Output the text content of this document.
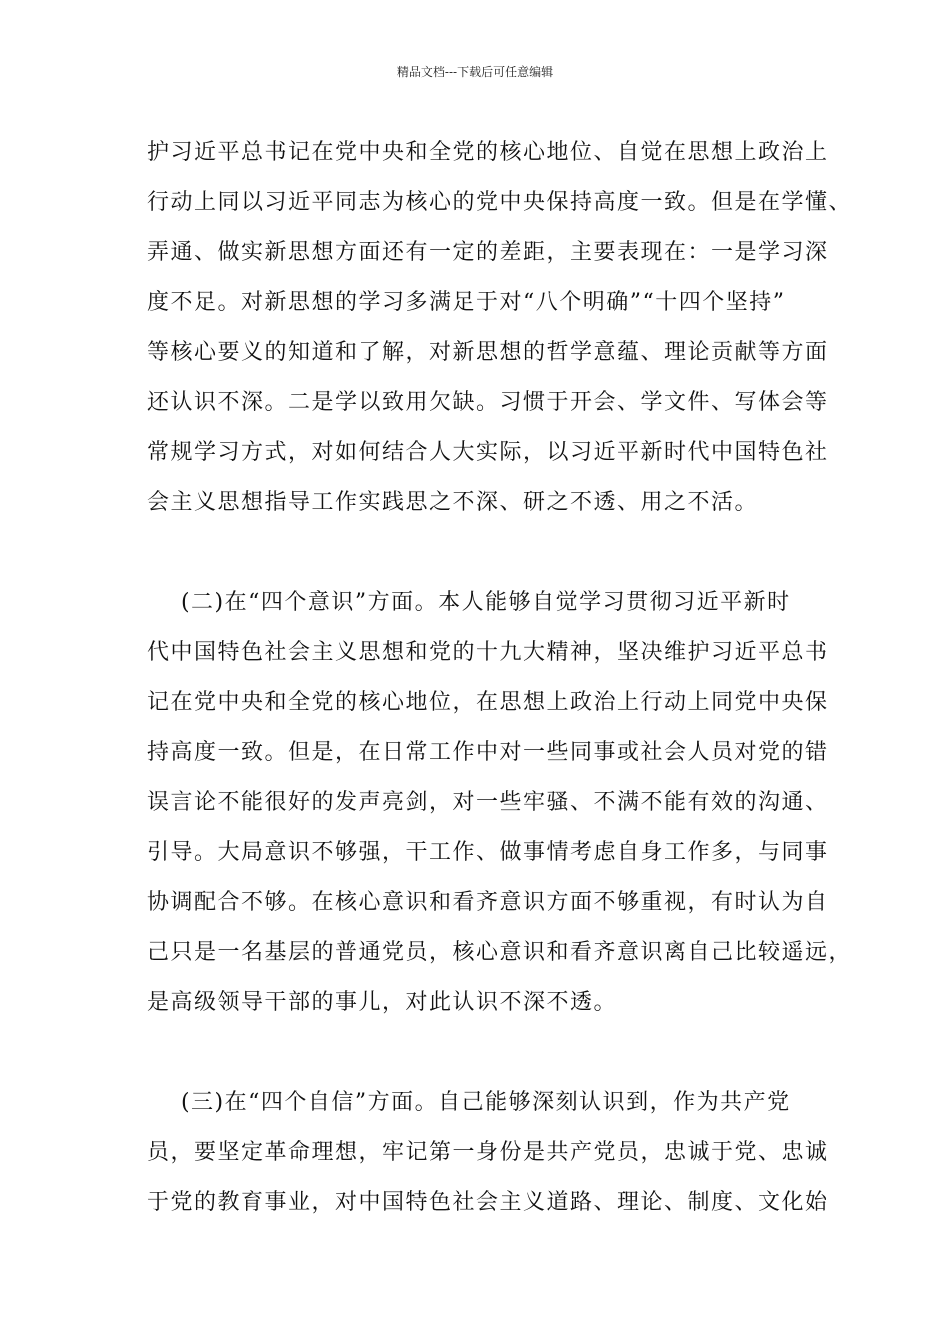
精品文档---下载后可任意编辑
护习近平总书记在党中央和全党的核心地位、自觉在思想上政治上
行动上同以习近平同志为核心的党中央保持高度一致。但是在学懂、
弄通、做实新思想方面还有一定的差距，主要表现在：一是学习深
度不足。对新思想的学习多满足于对“八个明确”“十四个坚持”
等核心要义的知道和了解，对新思想的哲学意蕴、理论贡献等方面
还认识不深。二是学以致用欠缺。习惯于开会、学文件、写体会等
常规学习方式，对如何结合人大实际，以习近平新时代中国特色社
会主义思想指导工作实践思之不深、研之不透、用之不活。
(二)在“四个意识”方面。本人能够自觉学习贯彻习近平新时
代中国特色社会主义思想和党的十九大精神，坚决维护习近平总书
记在党中央和全党的核心地位，在思想上政治上行动上同党中央保
持高度一致。但是，在日常工作中对一些同事或社会人员对党的错
误言论不能很好的发声亮剑，对一些牢骚、不满不能有效的沟通、
引导。大局意识不够强，干工作、做事情考虑自身工作多，与同事
协调配合不够。在核心意识和看齐意识方面不够重视，有时认为自
己只是一名基层的普通党员，核心意识和看齐意识离自己比较遥远，
是高级领导干部的事儿，对此认识不深不透。
(三)在“四个自信”方面。自己能够深刻认识到，作为共产党
员，要坚定革命理想，牢记第一身份是共产党员，忠诚于党、忠诚
于党的教育事业，对中国特色社会主义道路、理论、制度、文化始
